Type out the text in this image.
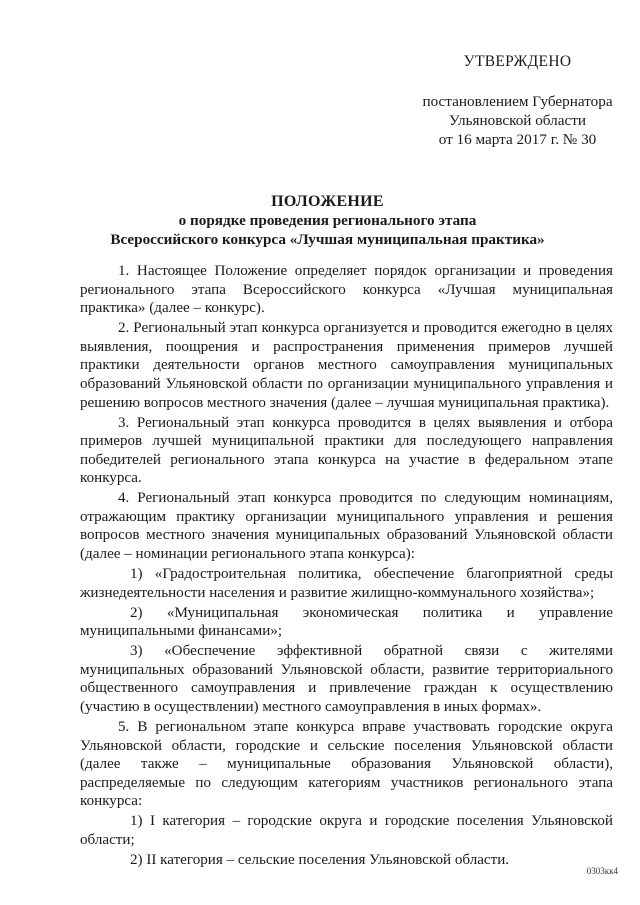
УТВЕРЖДЕНО
постановлением Губернатора
Ульяновской области
от 16 марта 2017 г. № 30
ПОЛОЖЕНИЕ
о порядке проведения регионального этапа
Всероссийского конкурса «Лучшая муниципальная практика»

1. Настоящее Положение определяет порядок организации и проведения регионального этапа Всероссийского конкурса «Лучшая муниципальная практика» (далее – конкурс).

2. Региональный этап конкурса организуется и проводится ежегодно в целях выявления, поощрения и распространения применения примеров лучшей практики деятельности органов местного самоуправления муниципальных образований Ульяновской области по организации муниципального управления и решению вопросов местного значения (далее – лучшая муниципальная практика).

3. Региональный этап конкурса проводится в целях выявления и отбора примеров лучшей муниципальной практики для последующего направления победителей регионального этапа конкурса на участие в федеральном этапе конкурса.

4. Региональный этап конкурса проводится по следующим номинациям, отражающим практику организации муниципального управления и решения вопросов местного значения муниципальных образований Ульяновской области (далее – номинации регионального этапа конкурса):

1) «Градостроительная политика, обеспечение благоприятной среды жизнедеятельности населения и развитие жилищно-коммунального хозяйства»;

2) «Муниципальная экономическая политика и управление муниципальными финансами»;

3) «Обеспечение эффективной обратной связи с жителями муниципальных образований Ульяновской области, развитие территориального общественного самоуправления и привлечение граждан к осуществлению (участию в осуществлении) местного самоуправления в иных формах».

5. В региональном этапе конкурса вправе участвовать городские округа Ульяновской области, городские и сельские поселения Ульяновской области (далее также – муниципальные образования Ульяновской области), распределяемые по следующим категориям участников регионального этапа конкурса:

1) I категория – городские округа и городские поселения Ульяновской области;

2) II категория – сельские поселения Ульяновской области.

0303кк4
